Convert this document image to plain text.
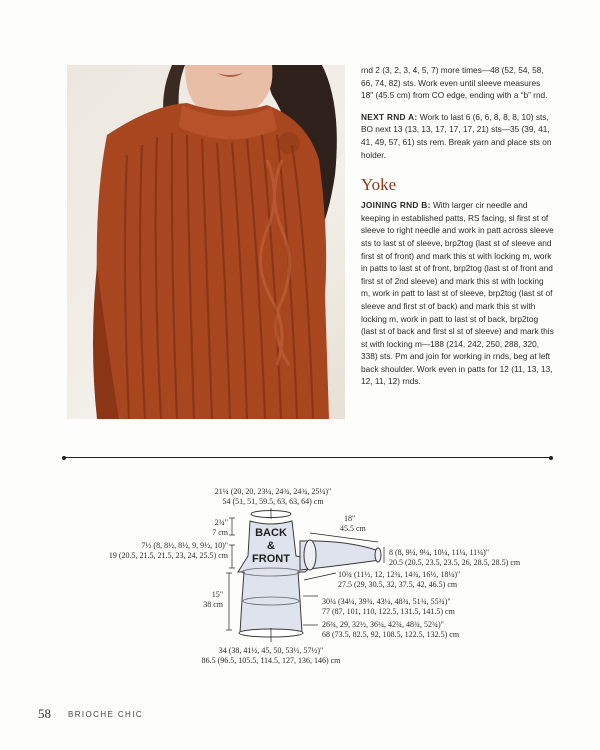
rnd 2 (3, 2, 3, 4, 5, 7) more times—48 (52, 54, 58, 66, 74, 82) sts. Work even until sleeve measures 18" (45.5 cm) from CO edge, ending with a “b” rnd.

NEXT RND A: Work to last 6 (6, 6, 8, 8, 8, 10) sts, BO next 13 (13, 13, 17, 17, 17, 21) sts—35 (39, 41, 41, 49, 57, 61) sts rem. Break yarn and place sts on holder.

Yoke

JOINING RND B: With larger cir needle and keeping in established patts, RS facing, sl first st of sleeve to right needle and work in patt across sleeve sts to last st of sleeve, brp2tog (last st of sleeve and first st of front) and mark this st with locking m, work in patts to last st of front, brp2tog (last st of front and first st of 2nd sleeve) and mark this st with locking m, work in patt to last st of sleeve, brp2tog (last st of sleeve and first st of back) and mark this st with locking m, work in patt to last st of back, brp2tog (last st of back and first sl st of sleeve) and mark this st with locking m—188 (214, 242, 250, 288, 320, 338) sts. Pm and join for working in rnds, beg at left back shoulder. Work even in patts for 12 (11, 13, 13, 12, 11, 12) rnds.

BACK
&
FRONT
21¼ (20, 20, 23¼, 24¾, 24¾, 25¼)"
54 (51, 51, 59.5, 63, 63, 64) cm
2¾"
7 cm
7½ (8, 8½, 8½, 9, 9½, 10)"
19 (20.5, 21.5, 21.5, 23, 24, 25.5) cm
18"
45.5 cm
8 (8, 9¼, 9¼, 10¼, 11¼, 11¼)"
20.5 (20.5, 23.5, 23.5, 26, 28.5, 28.5) cm
10¾ (11½, 12, 12¾, 14¾, 16½, 18¼)"
27.5 (29, 30.5, 32, 37.5, 42, 46.5) cm
15"
38 cm	30¼ (34¼, 39¾, 43¼, 48¾, 51¾, 55¾)"
77 (87, 101, 110, 122.5, 131.5, 141.5) cm
26¾, 29, 32½, 36¼, 42¾, 48¾, 52¾)"
68 (73.5, 82.5, 92, 108.5, 122.5, 132.5) cm
34 (38, 41½, 45, 50, 53½, 57½)"
86.5 (96.5, 105.5, 114.5, 127, 136, 146) cm
58 BRIOCHE CHIC
